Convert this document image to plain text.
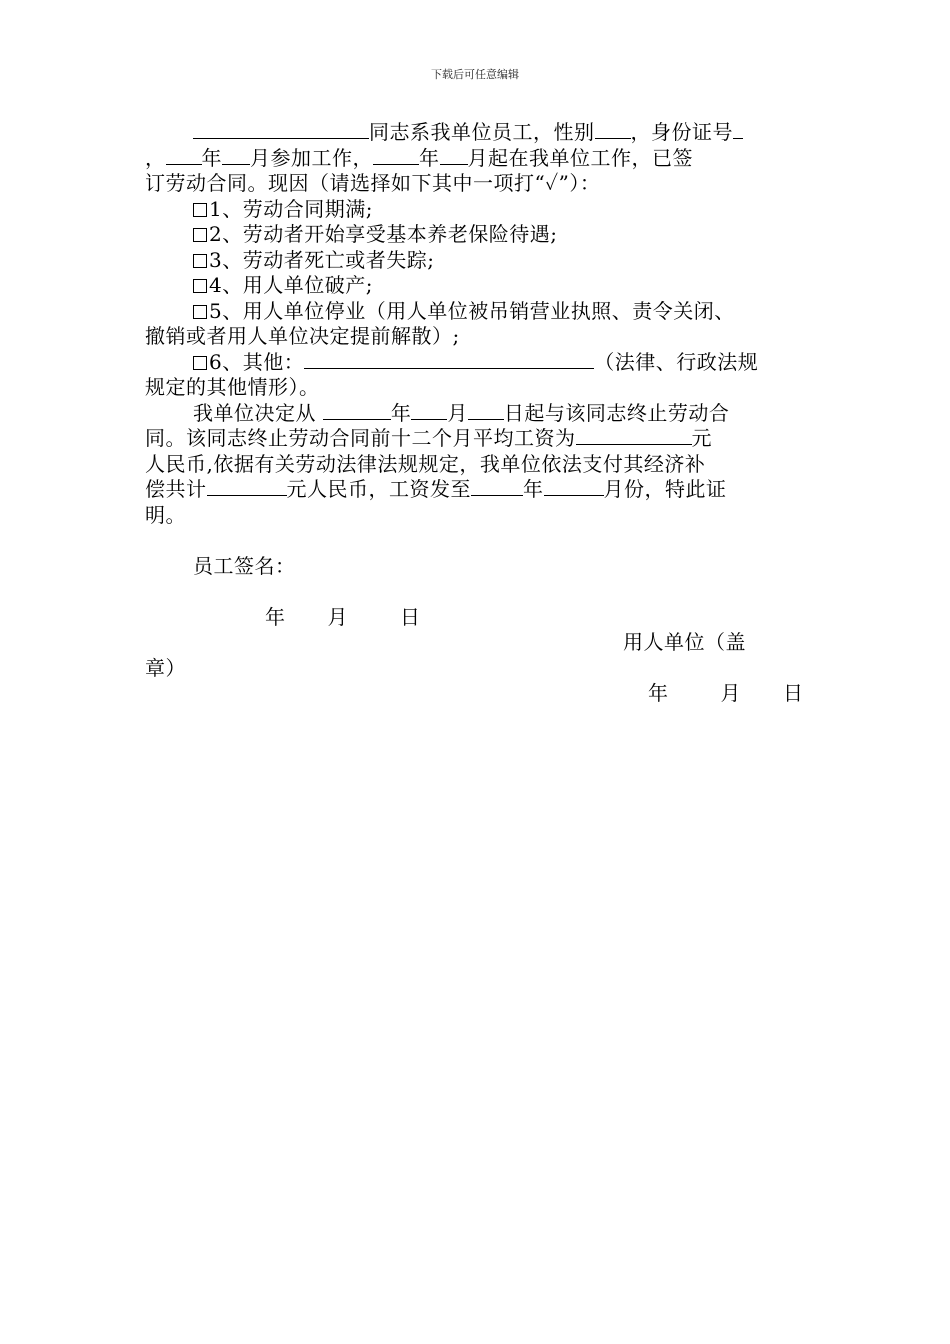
下载后可任意编辑
同志系我单位员工，性别 ，身份证号
， 年 月参加工作， 年 月起在我单位工作，已签
订劳动合同。现因（请选择如下其中一项打“✓”）：
1、劳动合同期满;
2、劳动者开始享受基本养老保险待遇;
3、劳动者死亡或者失踪;
4、用人单位破产;
5、用人单位停业（用人单位被吊销营业执照、责令关闭、
撤销或者用人单位决定提前解散）;
6、其他：	（法律、行政法规
规定的其他情形）。
我单位决定从	年 月 日起与该同志终止劳动合
同。该同志终止劳动合同前十二个月平均工资为	元
人民币,依据有关劳动法律法规规定，我单位依法支付其经济补
偿共计	元人民币，工资发至	年	月份，特此证
明。
员工签名：
年 月	日
用人单位（盖
章）
年	月 日
